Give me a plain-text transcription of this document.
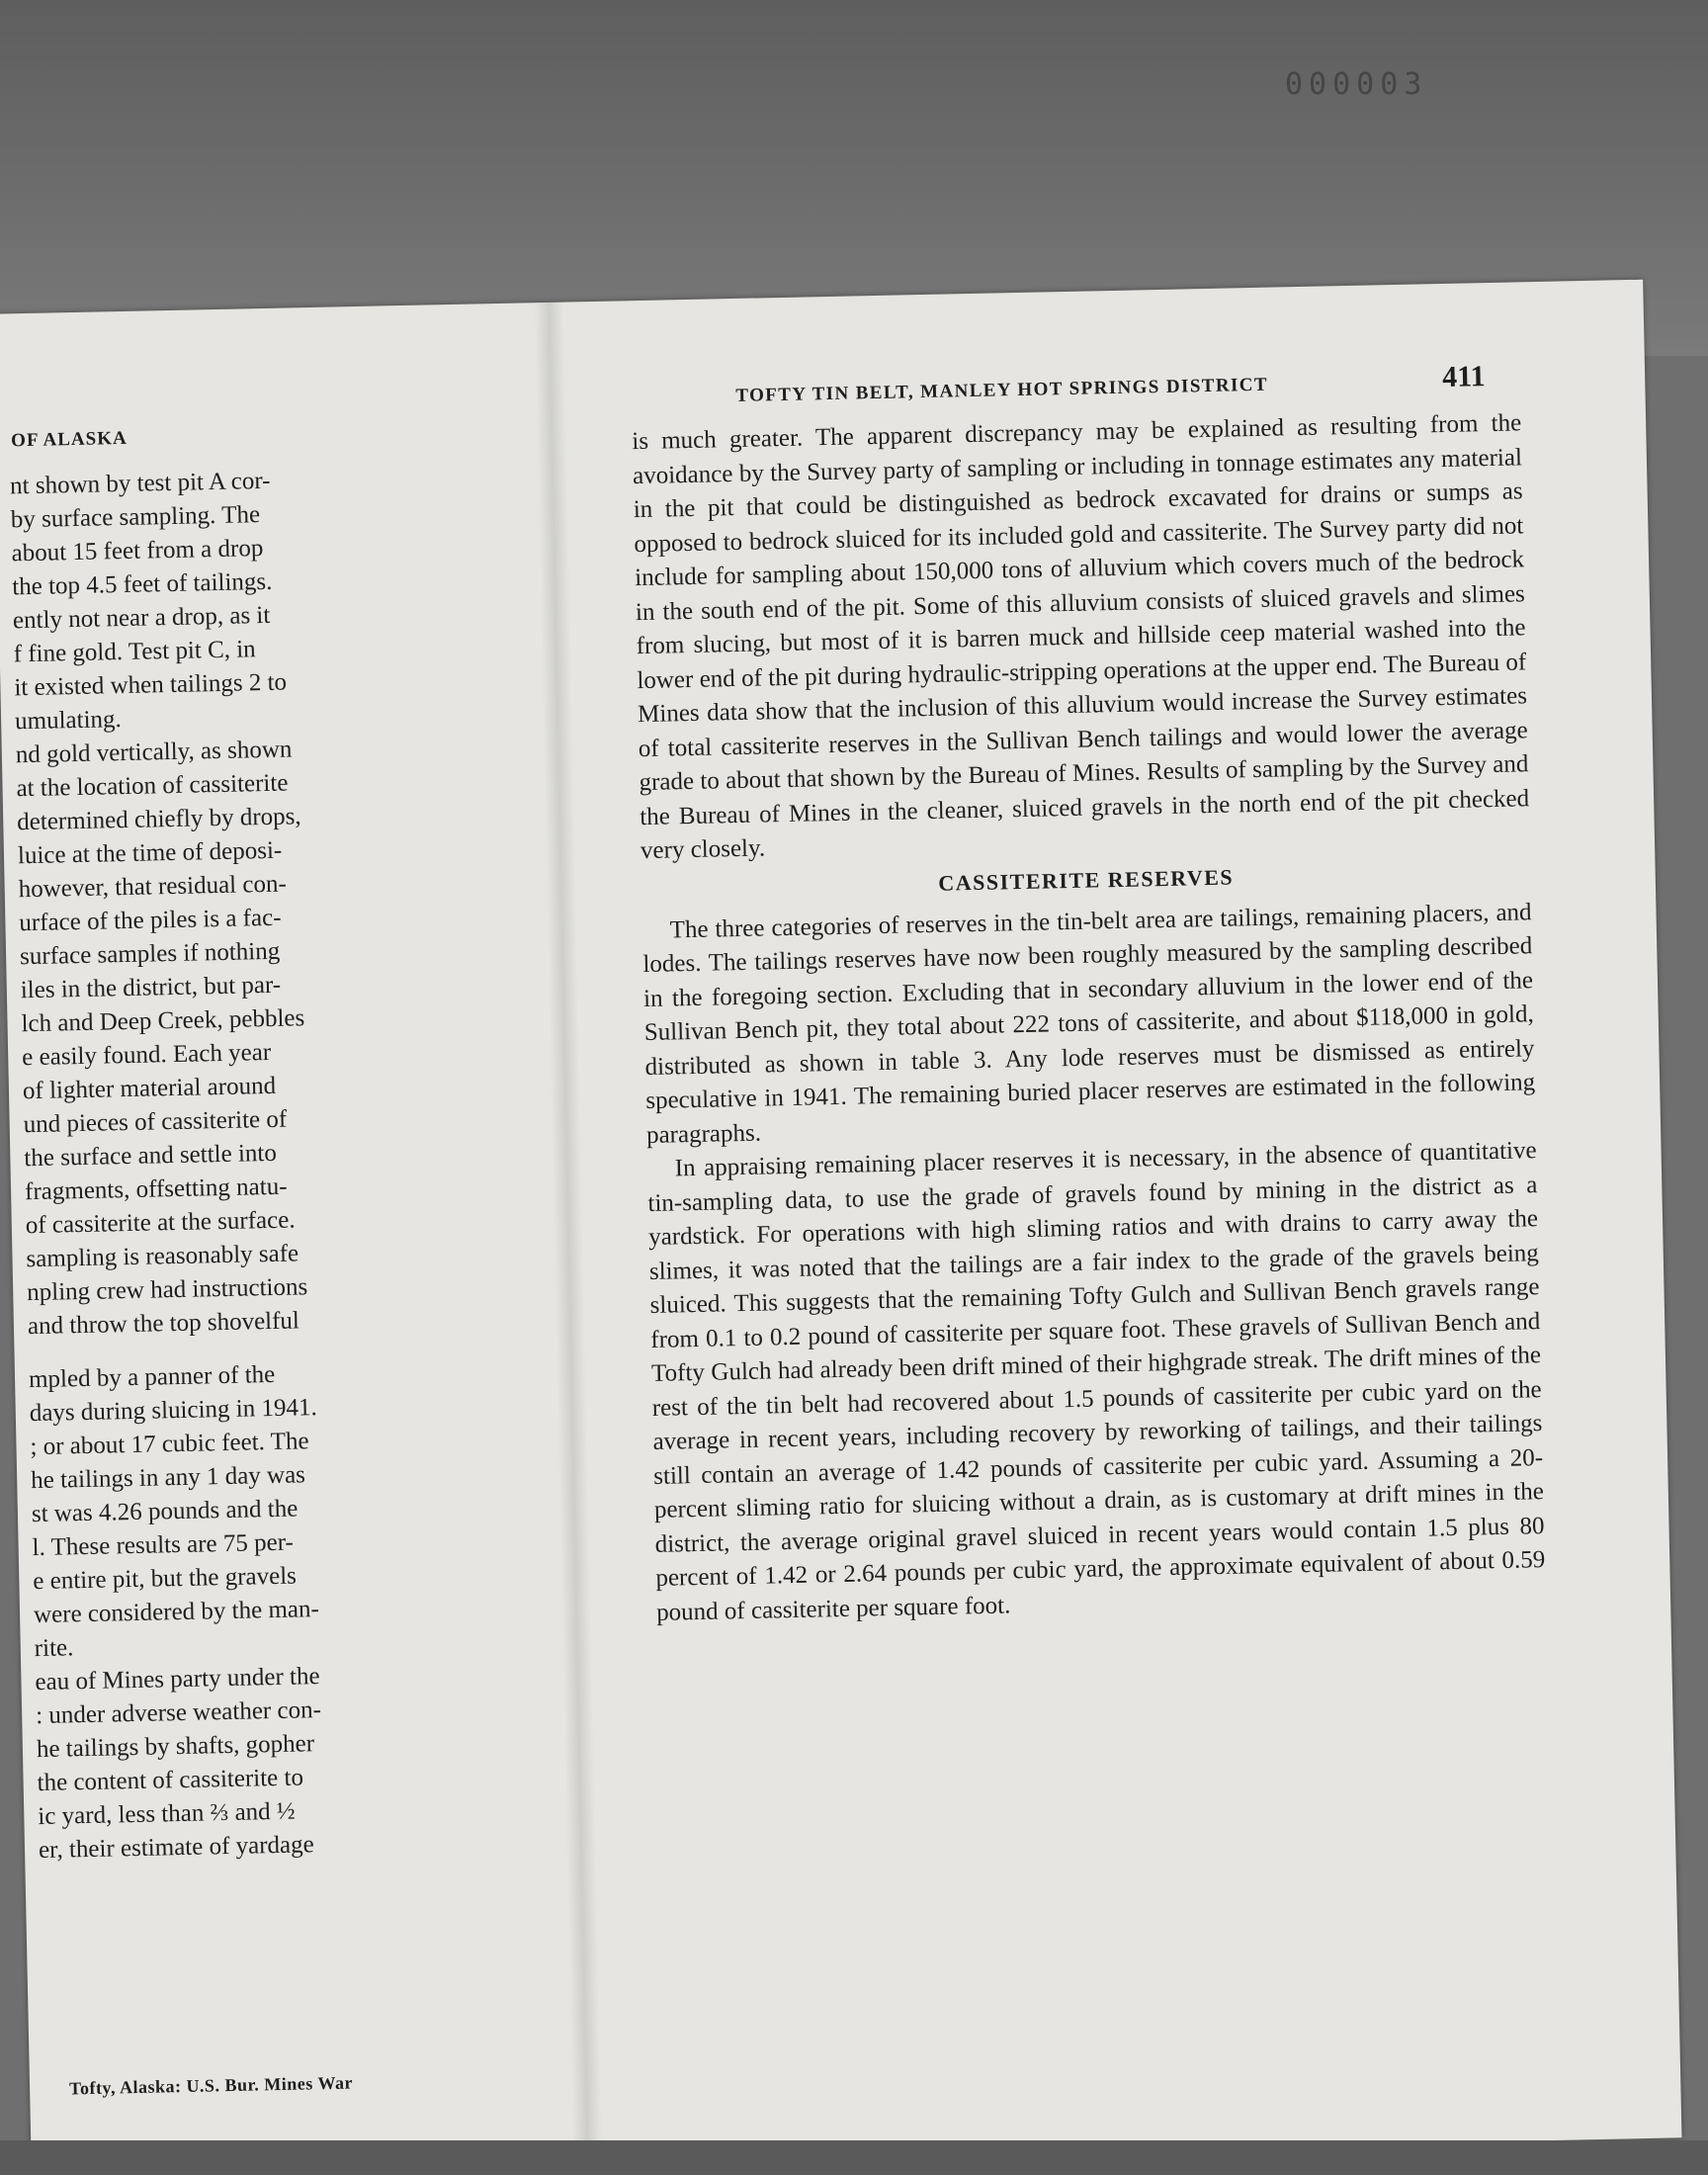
000003
OF ALASKA
nt shown by test pit A cor-
by surface sampling. The
about 15 feet from a drop
the top 4.5 feet of tailings.
ently not near a drop, as it
f fine gold. Test pit C, in
it existed when tailings 2 to
umulating.
nd gold vertically, as shown
at the location of cassiterite
determined chiefly by drops,
luice at the time of deposi-
however, that residual con-
urface of the piles is a fac-
surface samples if nothing
iles in the district, but par-
lch and Deep Creek, pebbles
e easily found. Each year
of lighter material around
und pieces of cassiterite of
the surface and settle into
fragments, offsetting natu-
of cassiterite at the surface.
sampling is reasonably safe
npling crew had instructions
and throw the top shovelful
mpled by a panner of the
days during sluicing in 1941.
; or about 17 cubic feet. The
he tailings in any 1 day was
st was 4.26 pounds and the
l. These results are 75 per-
e entire pit, but the gravels
were considered by the man-
rite.
eau of Mines party under the
: under adverse weather con-
he tailings by shafts, gopher
the content of cassiterite to
ic yard, less than ⅔ and ½
er, their estimate of yardage
Tofty, Alaska: U.S. Bur. Mines War
TOFTY TIN BELT, MANLEY HOT SPRINGS DISTRICT	411

is much greater. The apparent discrepancy may be explained as resulting from the avoidance by the Survey party of sampling or including in tonnage estimates any material in the pit that could be distinguished as bedrock excavated for drains or sumps as opposed to bedrock sluiced for its included gold and cassiterite. The Survey party did not include for sampling about 150,000 tons of alluvium which covers much of the bedrock in the south end of the pit. Some of this alluvium consists of sluiced gravels and slimes from slucing, but most of it is barren muck and hillside ceep material washed into the lower end of the pit during hydraulic-stripping operations at the upper end. The Bureau of Mines data show that the inclusion of this alluvium would increase the Survey estimates of total cassiterite reserves in the Sullivan Bench tailings and would lower the average grade to about that shown by the Bureau of Mines. Results of sampling by the Survey and the Bureau of Mines in the cleaner, sluiced gravels in the north end of the pit checked very closely.

CASSITERITE RESERVES

The three categories of reserves in the tin-belt area are tailings, remaining placers, and lodes. The tailings reserves have now been roughly measured by the sampling described in the foregoing section. Excluding that in secondary alluvium in the lower end of the Sullivan Bench pit, they total about 222 tons of cassiterite, and about $118,000 in gold, distributed as shown in table 3. Any lode reserves must be dismissed as entirely speculative in 1941. The remaining buried placer reserves are estimated in the following paragraphs.

In appraising remaining placer reserves it is necessary, in the absence of quantitative tin-sampling data, to use the grade of gravels found by mining in the district as a yardstick. For operations with high sliming ratios and with drains to carry away the slimes, it was noted that the tailings are a fair index to the grade of the gravels being sluiced. This suggests that the remaining Tofty Gulch and Sullivan Bench gravels range from 0.1 to 0.2 pound of cassiterite per square foot. These gravels of Sullivan Bench and Tofty Gulch had already been drift mined of their highgrade streak. The drift mines of the rest of the tin belt had recovered about 1.5 pounds of cassiterite per cubic yard on the average in recent years, including recovery by reworking of tailings, and their tailings still contain an average of 1.42 pounds of cassiterite per cubic yard. Assuming a 20-percent sliming ratio for sluicing without a drain, as is customary at drift mines in the district, the average original gravel sluiced in recent years would contain 1.5 plus 80 percent of 1.42 or 2.64 pounds per cubic yard, the approximate equivalent of about 0.59 pound of cassiterite per square foot.
